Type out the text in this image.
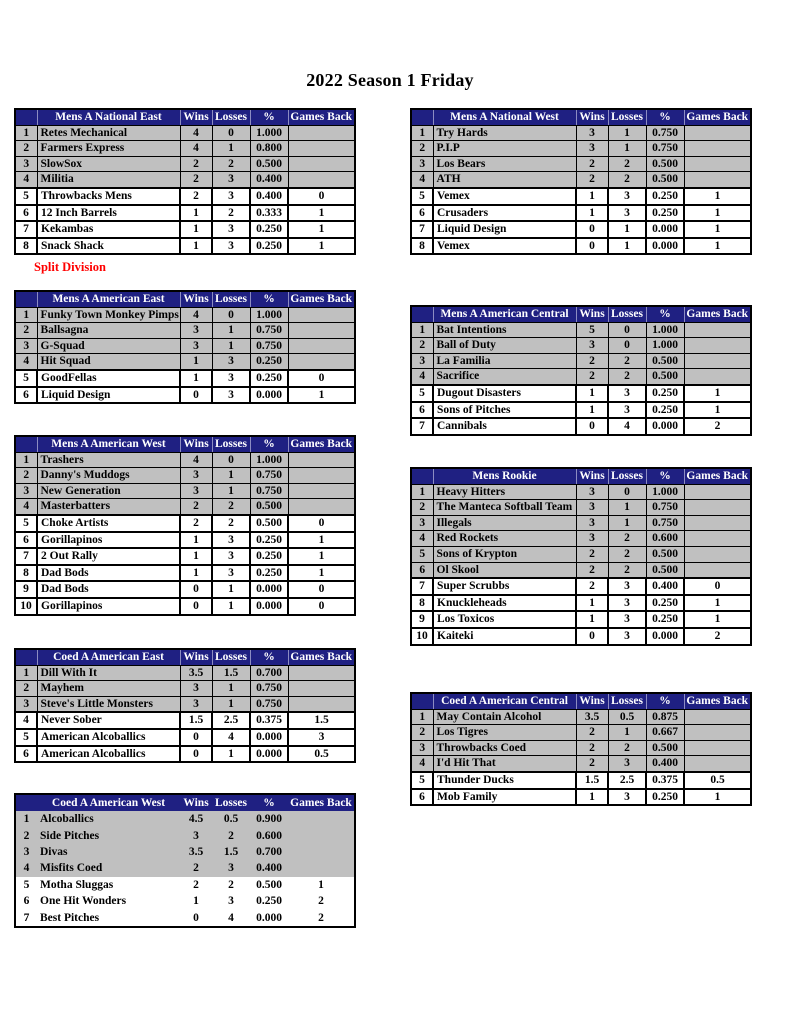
2022 Season 1 Friday
	Mens A National East	Wins	Losses	%	Games Back
1	Retes Mechanical	4	0	1.000	
2	Farmers Express	4	1	0.800	
3	SlowSox	2	2	0.500	
4	Militia	2	3	0.400	
5	Throwbacks Mens	2	3	0.400	0
6	12 Inch Barrels	1	2	0.333	1
7	Kekambas	1	3	0.250	1
8	Snack Shack	1	3	0.250	1
	Mens A National West	Wins	Losses	%	Games Back
1	Try Hards	3	1	0.750	
2	P.I.P	3	1	0.750	
3	Los Bears	2	2	0.500	
4	ATH	2	2	0.500	
5	Vemex	1	3	0.250	1
6	Crusaders	1	3	0.250	1
7	Liquid Design	0	1	0.000	1
8	Vemex	0	1	0.000	1
	Mens A American East	Wins	Losses	%	Games Back
1	Funky Town Monkey Pimps	4	0	1.000	
2	Ballsagna	3	1	0.750	
3	G-Squad	3	1	0.750	
4	Hit Squad	1	3	0.250	
5	GoodFellas	1	3	0.250	0
6	Liquid Design	0	3	0.000	1
	Mens A American Central	Wins	Losses	%	Games Back
1	Bat Intentions	5	0	1.000	
2	Ball of Duty	3	0	1.000	
3	La Familia	2	2	0.500	
4	Sacrifice	2	2	0.500	
5	Dugout Disasters	1	3	0.250	1
6	Sons of Pitches	1	3	0.250	1
7	Cannibals	0	4	0.000	2
	Mens A American West	Wins	Losses	%	Games Back
1	Trashers	4	0	1.000	
2	Danny's Muddogs	3	1	0.750	
3	New Generation	3	1	0.750	
4	Masterbatters	2	2	0.500	
5	Choke Artists	2	2	0.500	0
6	Gorillapinos	1	3	0.250	1
7	2 Out Rally	1	3	0.250	1
8	Dad Bods	1	3	0.250	1
9	Dad Bods	0	1	0.000	0
10	Gorillapinos	0	1	0.000	0
	Mens Rookie	Wins	Losses	%	Games Back
1	Heavy Hitters	3	0	1.000	
2	The Manteca Softball Team	3	1	0.750	
3	Illegals	3	1	0.750	
4	Red Rockets	3	2	0.600	
5	Sons of Krypton	2	2	0.500	
6	Ol Skool	2	2	0.500	
7	Super Scrubbs	2	3	0.400	0
8	Knuckleheads	1	3	0.250	1
9	Los Toxicos	1	3	0.250	1
10	Kaiteki	0	3	0.000	2
	Coed A American East	Wins	Losses	%	Games Back
1	Dill With It	3.5	1.5	0.700	
2	Mayhem	3	1	0.750	
3	Steve's Little Monsters	3	1	0.750	
4	Never Sober	1.5	2.5	0.375	1.5
5	American Alcoballics	0	4	0.000	3
6	American Alcoballics	0	1	0.000	0.5
	Coed A American Central	Wins	Losses	%	Games Back
1	May Contain Alcohol	3.5	0.5	0.875	
2	Los Tigres	2	1	0.667	
3	Throwbacks Coed	2	2	0.500	
4	I'd Hit That	2	3	0.400	
5	Thunder Ducks	1.5	2.5	0.375	0.5
6	Mob Family	1	3	0.250	1
	Coed A American West	Wins	Losses	%	Games Back
1	Alcoballics	4.5	0.5	0.900	
2	Side Pitches	3	2	0.600	
3	Divas	3.5	1.5	0.700	
4	Misfits Coed	2	3	0.400	
5	Motha Sluggas	2	2	0.500	1
6	One Hit Wonders	1	3	0.250	2
7	Best Pitches	0	4	0.000	2
Split Division
